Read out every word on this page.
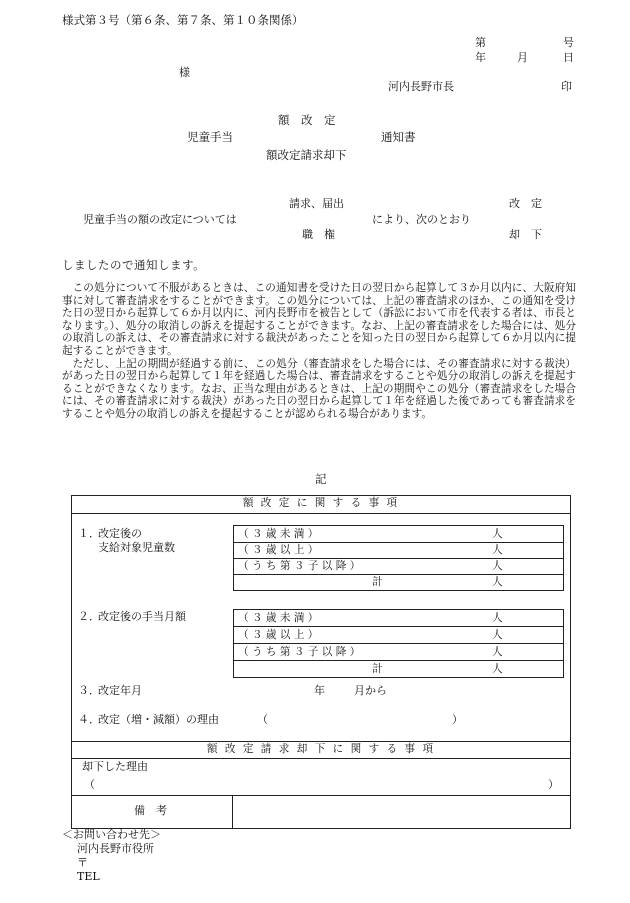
様式第３号（第６条、第７条、第１０条関係）
第	号
年	月	日
様
河内長野市長	印
額　改　定
児童手当	通知書
額改定請求却下
請求、届出	改　定
児童手当の額の改定については	により、次のとおり
職　権	却　下
しましたので通知します。

この処分について不服があるときは、この通知書を受けた日の翌日から起算して３か月以内に、大阪府知事に対して審査請求をすることができます。この処分については、上記の審査請求のほか、この通知を受けた日の翌日から起算して６か月以内に、河内長野市を被告として（訴訟において市を代表する者は、市長となります。）、処分の取消しの訴えを提起することができます。なお、上記の審査請求をした場合には、処分の取消しの訴えは、その審査請求に対する裁決があったことを知った日の翌日から起算して６か月以内に提起することができます。

ただし、上記の期間が経過する前に、この処分（審査請求をした場合には、その審査請求に対する裁決）があった日の翌日から起算して１年を経過した場合は、審査請求をすることや処分の取消しの訴えを提起することができなくなります。なお、正当な理由があるときは、上記の期間やこの処分（審査請求をした場合には、その審査請求に対する裁決）があった日の翌日から起算して１年を経過した後であっても審査請求をすることや処分の取消しの訴えを提起することが認められる場合があります。

記
額 改 定 に 関 す る 事 項
１．
改定後の
支給対象児童数
（ ３ 歳 未 満 ）	人
（ ３ 歳 以 上 ）	人
（ う ち 第 ３ 子 以 降 ）	人
計	人
２．
改定後の手当月額	（ ３ 歳 未 満 ）	人
（ ３ 歳 以 上 ）	人
（ う ち 第 ３ 子 以 降 ）	人
計	人
３．
改定年月	年	月から
４．
改定（増・減額）の理由	（	）
額 改 定 請 求 却 下 に 関 す る 事 項
却下した理由
（	）
備　考
＜お問い合わせ先＞
河内長野市役所
〒
TEL
